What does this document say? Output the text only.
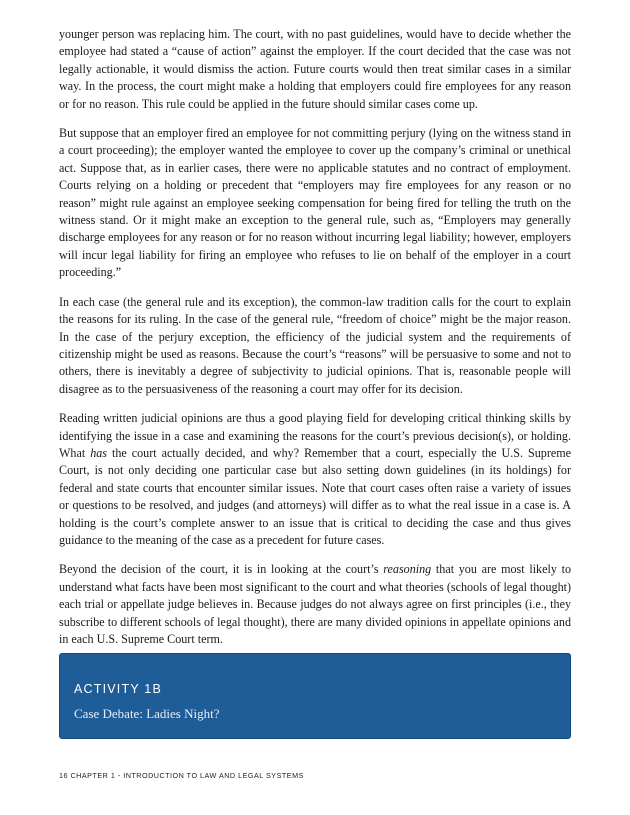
younger person was replacing him. The court, with no past guidelines, would have to decide whether the employee had stated a “cause of action” against the employer. If the court decided that the case was not legally actionable, it would dismiss the action. Future courts would then treat similar cases in a similar way. In the process, the court might make a holding that employers could fire employees for any reason or for no reason. This rule could be applied in the future should similar cases come up.

But suppose that an employer fired an employee for not committing perjury (lying on the witness stand in a court proceeding); the employer wanted the employee to cover up the company’s criminal or unethical act. Suppose that, as in earlier cases, there were no applicable statutes and no contract of employment. Courts relying on a holding or precedent that “employers may fire employees for any reason or no reason” might rule against an employee seeking compensation for being fired for telling the truth on the witness stand. Or it might make an exception to the general rule, such as, “Employers may generally discharge employees for any reason or for no reason without incurring legal liability; however, employers will incur legal liability for firing an employee who refuses to lie on behalf of the employer in a court proceeding.”

In each case (the general rule and its exception), the common-law tradition calls for the court to explain the reasons for its ruling. In the case of the general rule, “freedom of choice” might be the major reason. In the case of the perjury exception, the efficiency of the judicial system and the requirements of citizenship might be used as reasons. Because the court’s “reasons” will be persuasive to some and not to others, there is inevitably a degree of subjectivity to judicial opinions. That is, reasonable people will disagree as to the persuasiveness of the reasoning a court may offer for its decision.

Reading written judicial opinions are thus a good playing field for developing critical thinking skills by identifying the issue in a case and examining the reasons for the court’s previous decision(s), or holding. What has the court actually decided, and why? Remember that a court, especially the U.S. Supreme Court, is not only deciding one particular case but also setting down guidelines (in its holdings) for federal and state courts that encounter similar issues. Note that court cases often raise a variety of issues or questions to be resolved, and judges (and attorneys) will differ as to what the real issue in a case is. A holding is the court’s complete answer to an issue that is critical to deciding the case and thus gives guidance to the meaning of the case as a precedent for future cases.

Beyond the decision of the court, it is in looking at the court’s reasoning that you are most likely to understand what facts have been most significant to the court and what theories (schools of legal thought) each trial or appellate judge believes in. Because judges do not always agree on first principles (i.e., they subscribe to different schools of legal thought), there are many divided opinions in appellate opinions and in each U.S. Supreme Court term.

ACTIVITY 1B
Case Debate: Ladies Night?
16 CHAPTER 1 - INTRODUCTION TO LAW AND LEGAL SYSTEMS
